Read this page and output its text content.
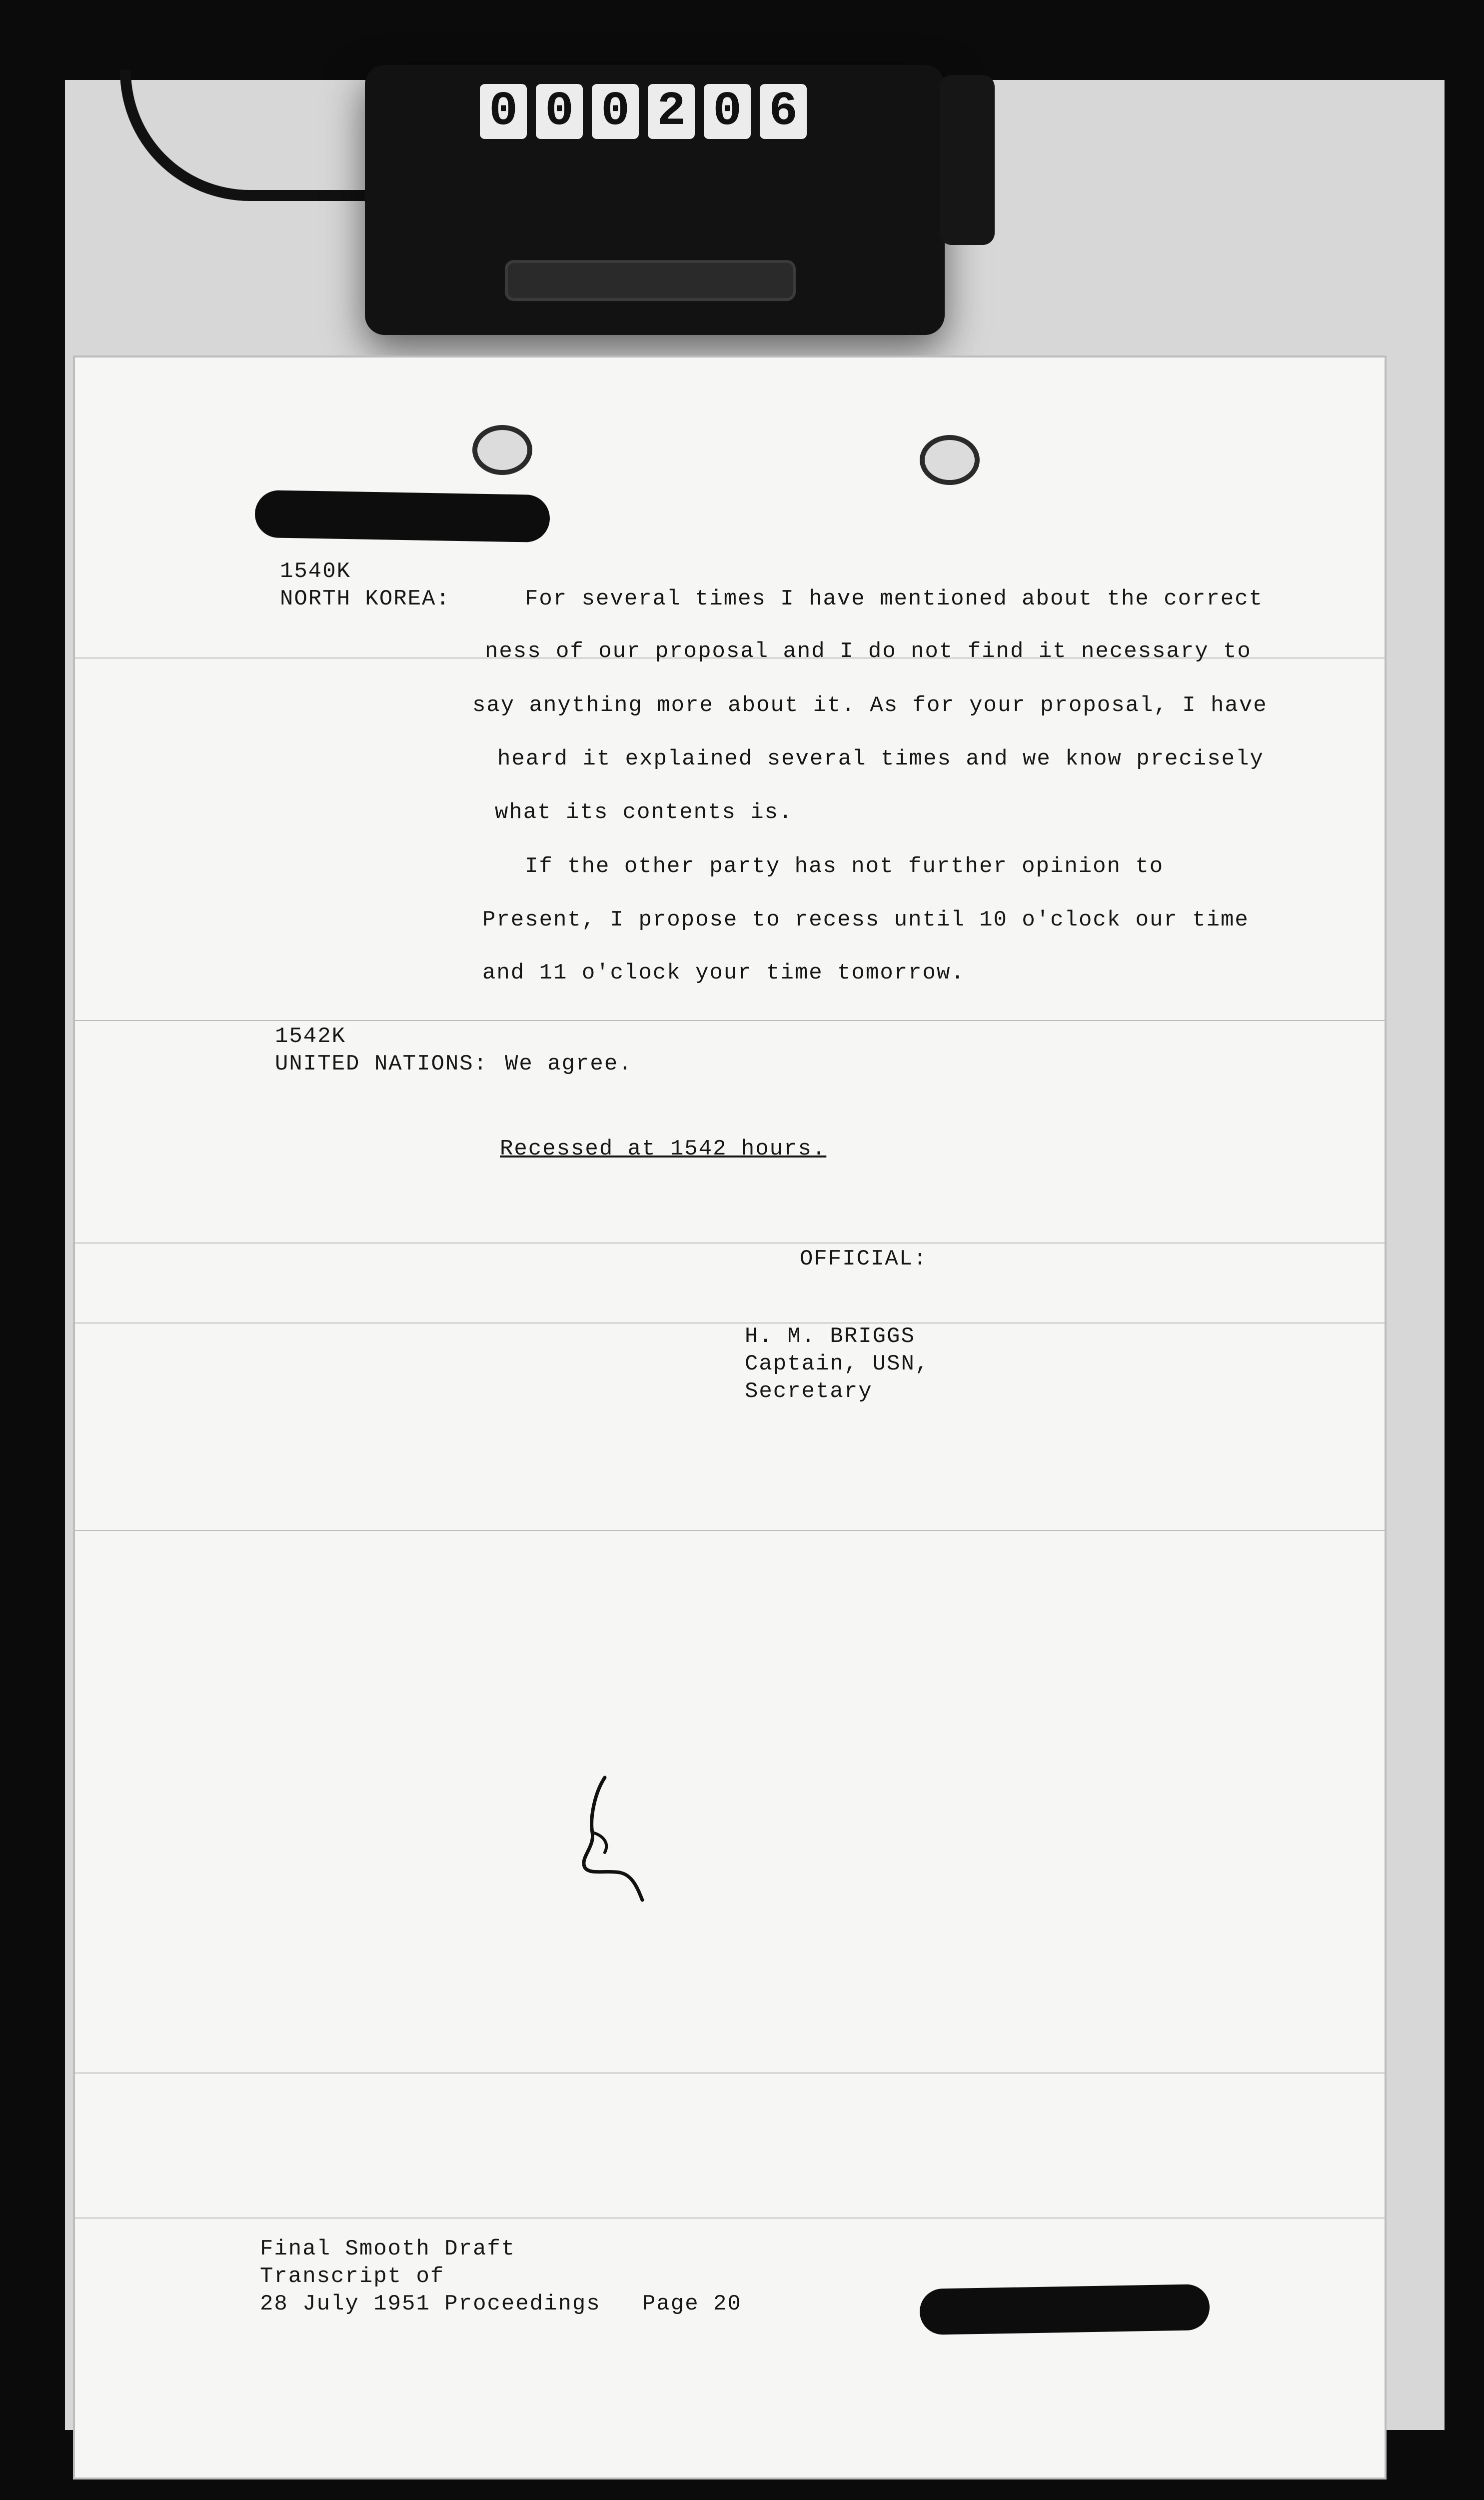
0 0 0 2 0 6
1540K
NORTH KOREA:	For several times I have mentioned about the correct
ness of our proposal and I do not find it necessary to
say anything more about it. As for your proposal, I have
heard it explained several times and we know precisely
what its contents is.
If the other party has not further opinion to
Present, I propose to recess until 10 o'clock our time
and 11 o'clock your time tomorrow.
1542K
UNITED NATIONS: We agree.
Recessed at 1542 hours.
OFFICIAL:
H. M. BRIGGS
Captain, USN,
Secretary
Final Smooth Draft
Transcript of
28 July 1951 Proceedings Page 20
